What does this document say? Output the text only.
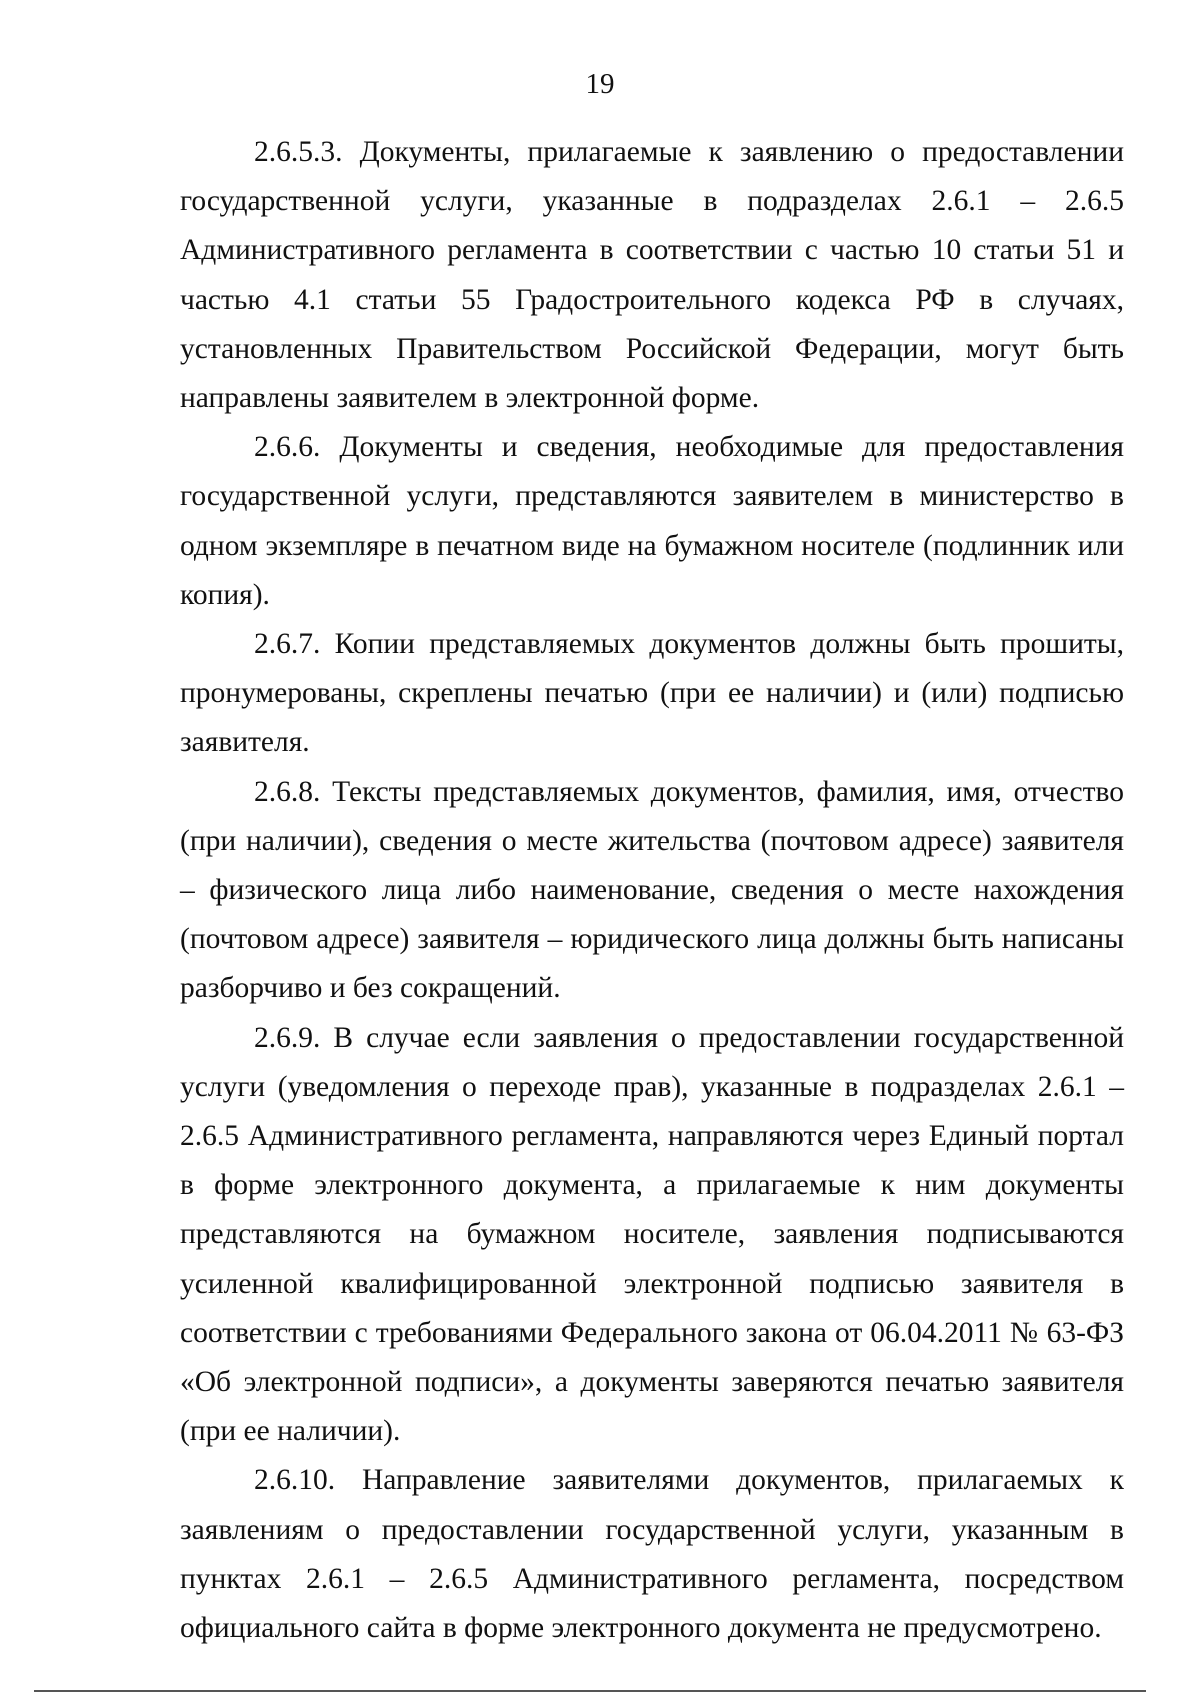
19

2.6.5.3. Документы, прилагаемые к заявлению о предоставлении государственной услуги, указанные в подразделах 2.6.1 – 2.6.5 Административного регламента в соответствии с частью 10 статьи 51 и частью 4.1 статьи 55 Градостроительного кодекса РФ в случаях, установленных Правительством Российской Федерации, могут быть направлены заявителем в электронной форме.

2.6.6. Документы и сведения, необходимые для предоставления государственной услуги, представляются заявителем в министерство в одном экземпляре в печатном виде на бумажном носителе (подлинник или копия).

2.6.7. Копии представляемых документов должны быть прошиты, пронумерованы, скреплены печатью (при ее наличии) и (или) подписью заявителя.

2.6.8. Тексты представляемых документов, фамилия, имя, отчество (при наличии), сведения о месте жительства (почтовом адресе) заявителя – физического лица либо наименование, сведения о месте нахождения (почтовом адресе) заявителя – юридического лица должны быть написаны разборчиво и без сокращений.

2.6.9. В случае если заявления о предоставлении государственной услуги (уведомления о переходе прав), указанные в подразделах 2.6.1 – 2.6.5 Административного регламента, направляются через Единый портал в форме электронного документа, а прилагаемые к ним документы представляются на бумажном носителе, заявления подписываются усиленной квалифицированной электронной подписью заявителя в соответствии с требованиями Федерального закона от 06.04.2011 № 63-ФЗ «Об электронной подписи», а документы заверяются печатью заявителя (при ее наличии).

2.6.10. Направление заявителями документов, прилагаемых к заявлениям о предоставлении государственной услуги, указанным в пунктах 2.6.1 – 2.6.5 Административного регламента, посредством официального сайта в форме электронного документа не предусмотрено.
